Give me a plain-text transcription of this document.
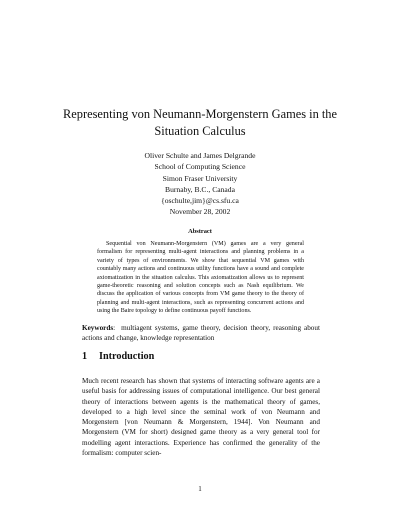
Representing von Neumann-Morgenstern Games in the Situation Calculus
Oliver Schulte and James Delgrande
School of Computing Science
Simon Fraser University
Burnaby, B.C., Canada
{oschulte,jim}@cs.sfu.ca
November 28, 2002
Abstract
Sequential von Neumann-Morgenstern (VM) games are a very general formalism for representing multi-agent interactions and planning problems in a variety of types of environments. We show that sequential VM games with countably many actions and continuous utility functions have a sound and complete axiomatization in the situation calculus. This axiomatization allows us to represent game-theoretic reasoning and solution concepts such as Nash equilibrium. We discuss the application of various concepts from VM game theory to the theory of planning and multi-agent interactions, such as representing concurrent actions and using the Baire topology to define continuous payoff functions.
Keywords:  multiagent systems, game theory, decision theory, reasoning about actions and change, knowledge representation
1 Introduction
Much recent research has shown that systems of interacting software agents are a useful basis for addressing issues of computational intelligence. Our best general theory of interactions between agents is the mathematical theory of games, developed to a high level since the seminal work of von Neumann and Morgenstern [von Neumann & Morgenstern, 1944]. Von Neumann and Morgenstern (VM for short) designed game theory as a very general tool for modelling agent interactions. Experience has confirmed the generality of the formalism: computer scien-
1
